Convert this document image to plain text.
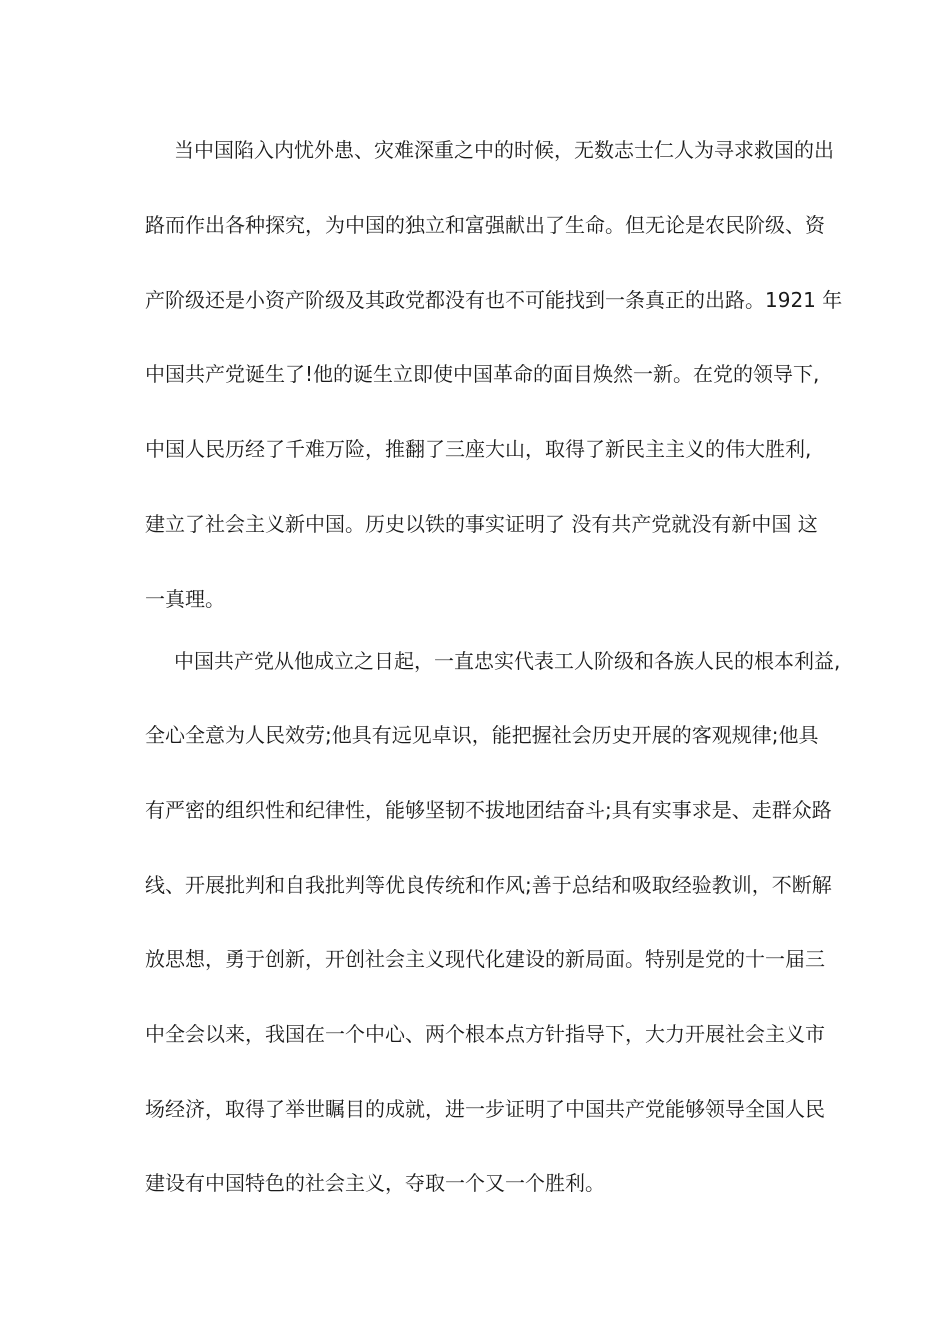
当中国陷入内忧外患、灾难深重之中的时候，无数志士仁人为寻求救国的出
路而作出各种探究，为中国的独立和富强献出了生命。但无论是农民阶级、资
产阶级还是小资产阶级及其政党都没有也不可能找到一条真正的出路。1921 年
中国共产党诞生了!他的诞生立即使中国革命的面目焕然一新。在党的领导下,
中国人民历经了千难万险，推翻了三座大山，取得了新民主主义的伟大胜利,
建立了社会主义新中国。历史以铁的事实证明了 没有共产党就没有新中国 这
一真理。
中国共产党从他成立之日起，一直忠实代表工人阶级和各族人民的根本利益,
全心全意为人民效劳;他具有远见卓识，能把握社会历史开展的客观规律;他具
有严密的组织性和纪律性，能够坚韧不拔地团结奋斗;具有实事求是、走群众路
线、开展批判和自我批判等优良传统和作风;善于总结和吸取经验教训，不断解
放思想，勇于创新，开创社会主义现代化建设的新局面。特别是党的十一届三
中全会以来，我国在一个中心、两个根本点方针指导下，大力开展社会主义市
场经济，取得了举世瞩目的成就，进一步证明了中国共产党能够领导全国人民
建设有中国特色的社会主义，夺取一个又一个胜利。
